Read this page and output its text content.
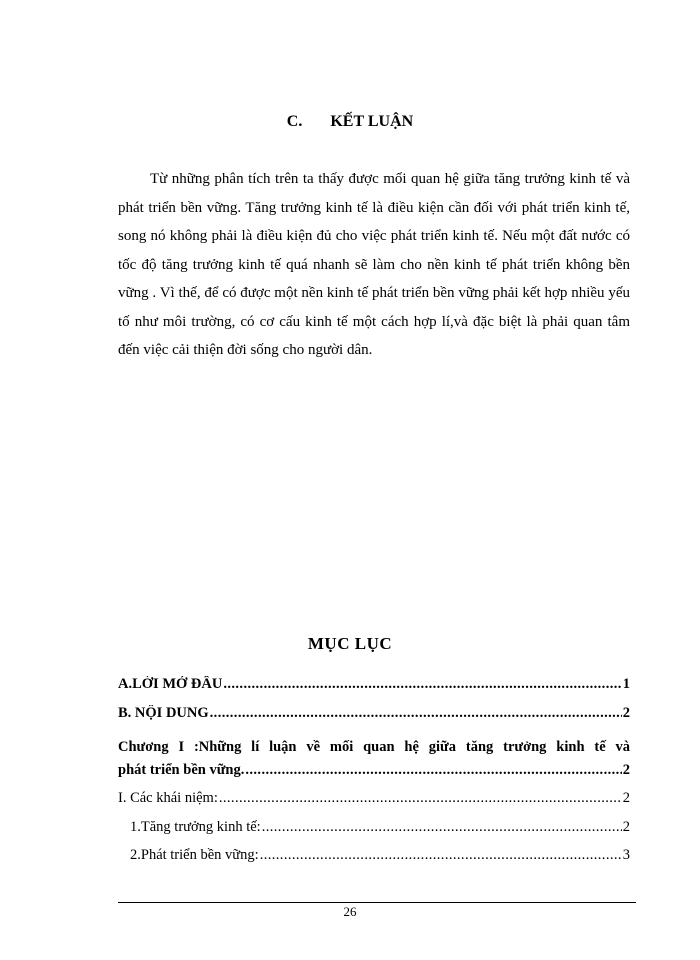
C. KẾT LUẬN

Từ những phân tích trên ta thấy được mối quan hệ giữa tăng trưởng kinh tế và phát triển bền vững. Tăng trưởng kinh tế là điều kiện cần đối với phát triển kinh tế, song nó không phải là điều kiện đủ cho việc phát triển kinh tế. Nếu một đất nước có tốc độ tăng trưởng kinh tế quá nhanh sẽ làm cho nền kinh tế phát triển không bền vững . Vì thế, để có được một nền kinh tế phát triển bền vững phải kết hợp nhiều yếu tố như môi trường, có cơ cấu kinh tế một cách hợp lí,và đặc biệt là phải quan tâm đến việc cải thiện đời sống cho người dân.

MỤC LỤC
A.LỜI MỞ ĐẦU .....	1
B. NỘI DUNG .....	2
Chương I :Những lí luận về mối quan hệ giữa tăng trưởng kinh tế và
phát triển bền vững. .....	2
I. Các khái niệm: .....	2
1.Tăng trưởng kinh tế: .....	2
2.Phát triển bền vững: .....	3
26
